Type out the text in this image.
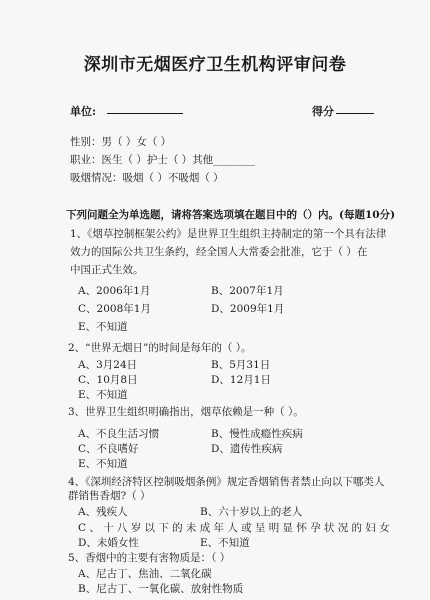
深圳市无烟医疗卫生机构评审问卷
单位:	得分
性别：男（ ）女（ ）
职业：医生（ ）护士（ ）其他________
吸烟情况：吸烟（ ）不吸烟（ ）
下列问题全为单选题，请将答案选项填在题目中的（）内。(每题10分)
1、《烟草控制框架公约》是世界卫生组织主持制定的第一个具有法律
效力的国际公共卫生条约，经全国人大常委会批准，它于（ ）在
中国正式生效。
A、2006年1月	B、2007年1月
C、2008年1月	D、2009年1月
E、不知道
2、“世界无烟日”的时间是每年的（ ）。
A、3月24日	B、5月31日
C、10月8日	D、12月1日
E、不知道
3、世界卫生组织明确指出，烟草依赖是一种（ ）。
A、不良生活习惯	B、慢性成瘾性疾病
C、不良嗜好	D、遗传性疾病
E、不知道
4、《深圳经济特区控制吸烟条例》规定香烟销售者禁止向以下哪类人
群销售香烟?（ ）
A、残疾人	B、六十岁以上的老人
C、十八岁以下的未成年人或呈明显怀孕状况的妇女
D、未婚女性	E、不知道
5、香烟中的主要有害物质是：（ ）
A、尼古丁、焦油、二氧化碳
B、尼古丁、一氧化碳、放射性物质
